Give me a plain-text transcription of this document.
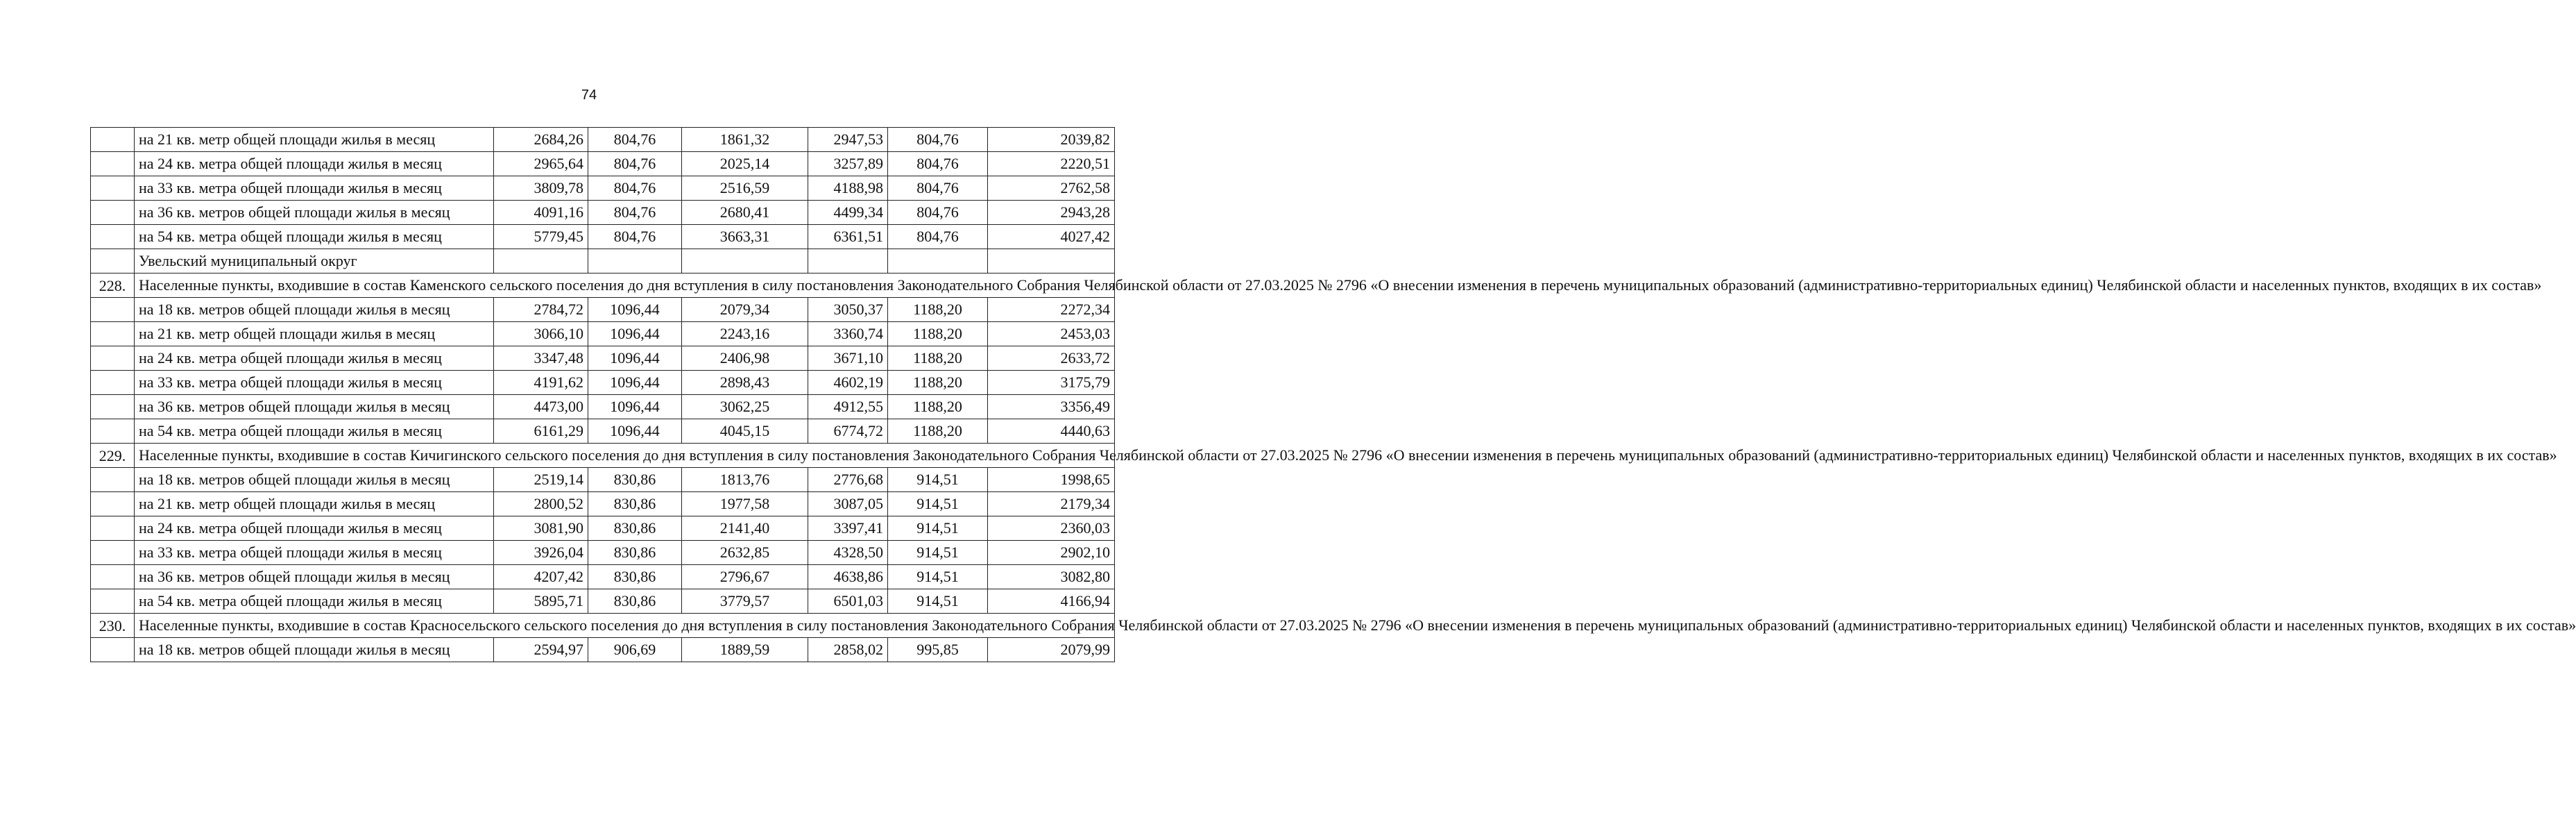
74
	на 21 кв. метр общей площади жилья в месяц	2684,26	804,76	1861,32	2947,53	804,76	2039,82
	на 24 кв. метра общей площади жилья в месяц	2965,64	804,76	2025,14	3257,89	804,76	2220,51
	на 33 кв. метра общей площади жилья в месяц	3809,78	804,76	2516,59	4188,98	804,76	2762,58
	на 36 кв. метров общей площади жилья в месяц	4091,16	804,76	2680,41	4499,34	804,76	2943,28
	на 54 кв. метра общей площади жилья в месяц	5779,45	804,76	3663,31	6361,51	804,76	4027,42
	Увельский муниципальный округ						
228.	Населенные пункты, входившие в состав Каменского сельского поселения до дня вступления в силу постановления Законодательного Собрания Челябинской области от 27.03.2025 № 2796 «О внесении изменения в перечень муниципальных образований (административно-территориальных единиц) Челябинской области и населенных пунктов, входящих в их состав»						
	на 18 кв. метров общей площади жилья в месяц	2784,72	1096,44	2079,34	3050,37	1188,20	2272,34
	на 21 кв. метр общей площади жилья в месяц	3066,10	1096,44	2243,16	3360,74	1188,20	2453,03
	на 24 кв. метра общей площади жилья в месяц	3347,48	1096,44	2406,98	3671,10	1188,20	2633,72
	на 33 кв. метра общей площади жилья в месяц	4191,62	1096,44	2898,43	4602,19	1188,20	3175,79
	на 36 кв. метров общей площади жилья в месяц	4473,00	1096,44	3062,25	4912,55	1188,20	3356,49
	на 54 кв. метра общей площади жилья в месяц	6161,29	1096,44	4045,15	6774,72	1188,20	4440,63
229.	Населенные пункты, входившие в состав Кичигинского сельского поселения до дня вступления в силу постановления Законодательного Собрания Челябинской области от 27.03.2025 № 2796 «О внесении изменения в перечень муниципальных образований (административно-территориальных единиц) Челябинской области и населенных пунктов, входящих в их состав»						
	на 18 кв. метров общей площади жилья в месяц	2519,14	830,86	1813,76	2776,68	914,51	1998,65
	на 21 кв. метр общей площади жилья в месяц	2800,52	830,86	1977,58	3087,05	914,51	2179,34
	на 24 кв. метра общей площади жилья в месяц	3081,90	830,86	2141,40	3397,41	914,51	2360,03
	на 33 кв. метра общей площади жилья в месяц	3926,04	830,86	2632,85	4328,50	914,51	2902,10
	на 36 кв. метров общей площади жилья в месяц	4207,42	830,86	2796,67	4638,86	914,51	3082,80
	на 54 кв. метра общей площади жилья в месяц	5895,71	830,86	3779,57	6501,03	914,51	4166,94
230.	Населенные пункты, входившие в состав Красносельского сельского поселения до дня вступления в силу постановления Законодательного Собрания Челябинской области от 27.03.2025 № 2796 «О внесении изменения в перечень муниципальных образований (административно-территориальных единиц) Челябинской области и населенных пунктов, входящих в их состав»						
	на 18 кв. метров общей площади жилья в месяц	2594,97	906,69	1889,59	2858,02	995,85	2079,99
